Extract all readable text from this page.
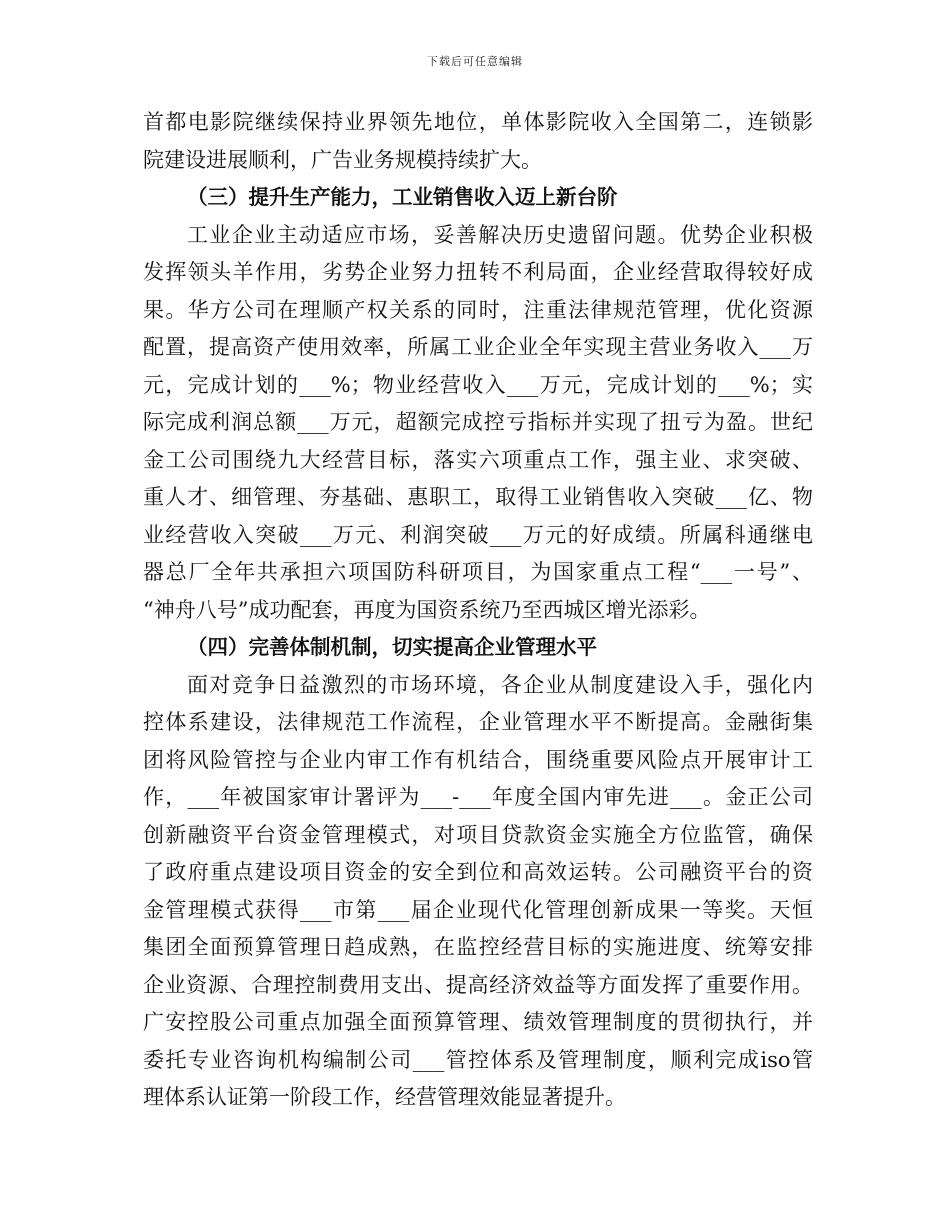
下载后可任意编辑
首都电影院继续保持业界领先地位，单体影院收入全国第二，连锁影
院建设进展顺利，广告业务规模持续扩大。
（三）提升生产能力，工业销售收入迈上新台阶
工业企业主动适应市场，妥善解决历史遗留问题。优势企业积极
发挥领头羊作用，劣势企业努力扭转不利局面，企业经营取得较好成
果。华方公司在理顺产权关系的同时，注重法律规范管理，优化资源
配置，提高资产使用效率，所属工业企业全年实现主营业务收入___万
元，完成计划的___%；物业经营收入___万元，完成计划的___%；实
际完成利润总额___万元，超额完成控亏指标并实现了扭亏为盈。世纪
金工公司围绕九大经营目标，落实六项重点工作，强主业、求突破、
重人才、细管理、夯基础、惠职工，取得工业销售收入突破___亿、物
业经营收入突破___万元、利润突破___万元的好成绩。所属科通继电
器总厂全年共承担六项国防科研项目，为国家重点工程“___一号”、
“神舟八号”成功配套，再度为国资系统乃至西城区增光添彩。
（四）完善体制机制，切实提高企业管理水平
面对竞争日益激烈的市场环境，各企业从制度建设入手，强化内
控体系建设，法律规范工作流程，企业管理水平不断提高。金融街集
团将风险管控与企业内审工作有机结合，围绕重要风险点开展审计工
作，___年被国家审计署评为___-___年度全国内审先进___。金正公司
创新融资平台资金管理模式，对项目贷款资金实施全方位监管，确保
了政府重点建设项目资金的安全到位和高效运转。公司融资平台的资
金管理模式获得___市第___届企业现代化管理创新成果一等奖。天恒
集团全面预算管理日趋成熟，在监控经营目标的实施进度、统筹安排
企业资源、合理控制费用支出、提高经济效益等方面发挥了重要作用。
广安控股公司重点加强全面预算管理、绩效管理制度的贯彻执行，并
委托专业咨询机构编制公司___管控体系及管理制度，顺利完成iso管
理体系认证第一阶段工作，经营管理效能显著提升。
